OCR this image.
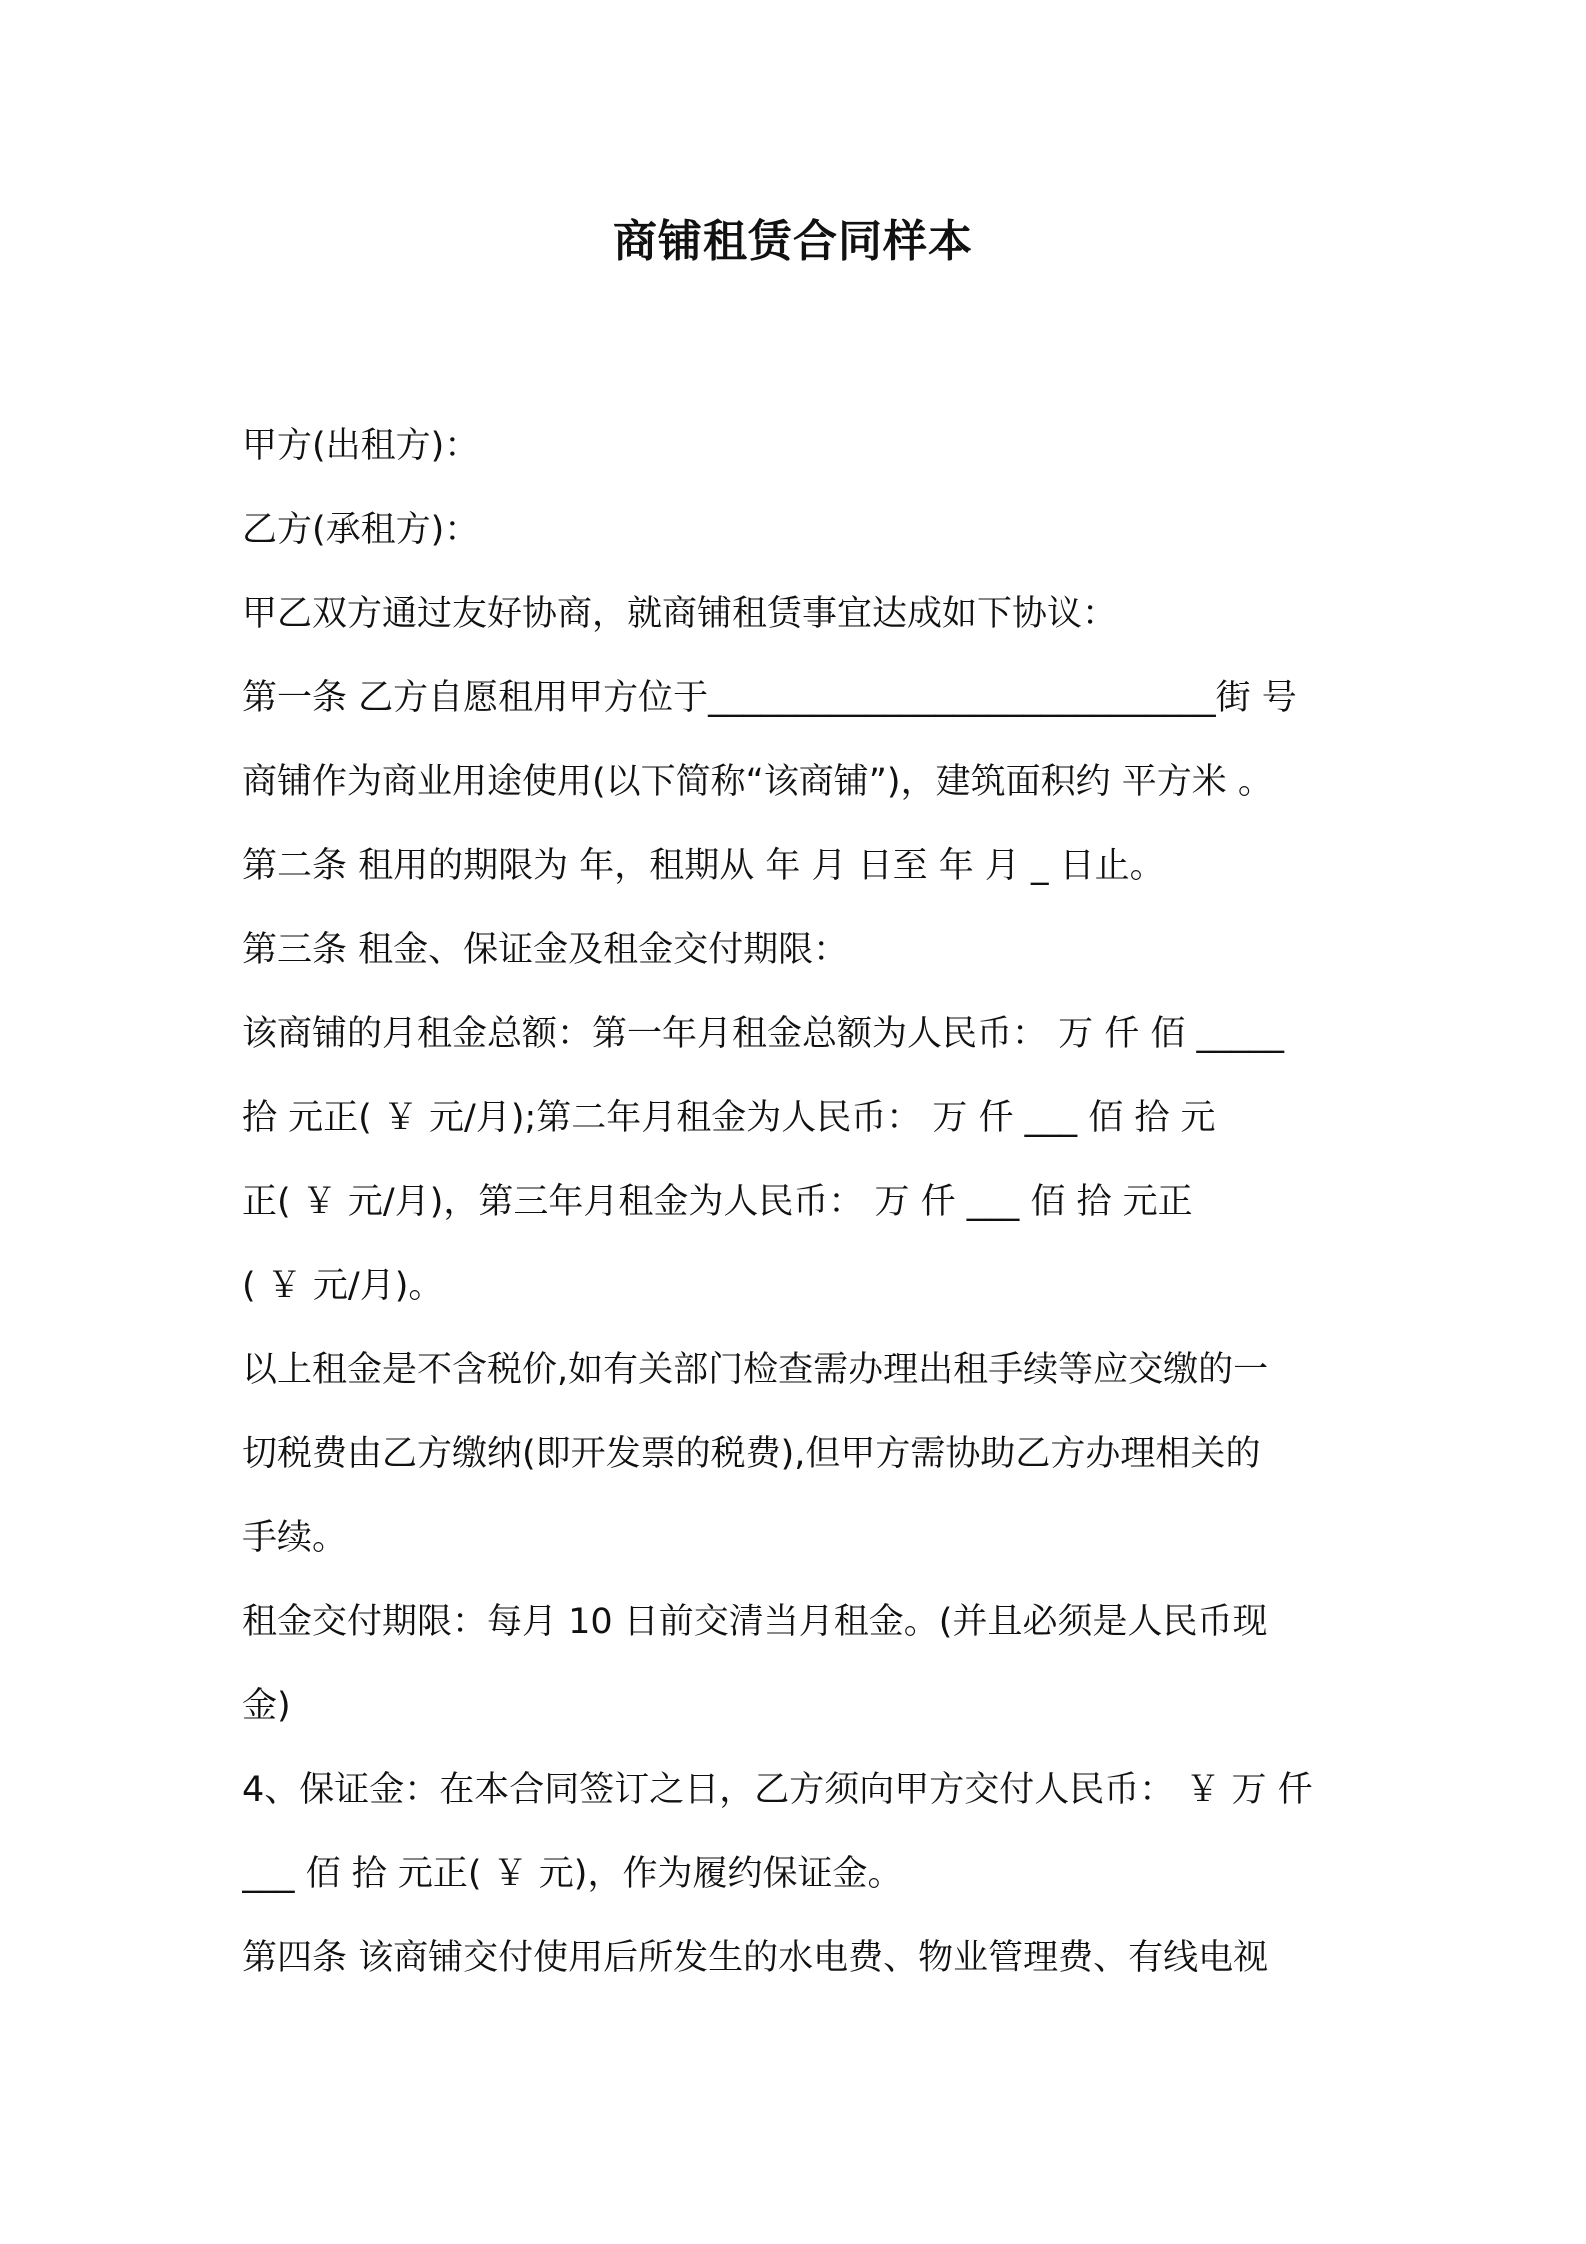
商铺租赁合同样本
甲方(出租方)：
乙方(承租方)：
甲乙双方通过友好协商，就商铺租赁事宜达成如下协议：
第一条 乙方自愿租用甲方位于_____________________________街 号
商铺作为商业用途使用(以下简称“该商铺”)，建筑面积约 平方米 。
第二条 租用的期限为 年，租期从 年 月 日至 年 月 _ 日止。
第三条 租金、保证金及租金交付期限：
该商铺的月租金总额：第一年月租金总额为人民币： 万 仟 佰 _____
拾 元正( ￥ 元/月);第二年月租金为人民币： 万 仟 ___ 佰 拾 元
正( ￥ 元/月)，第三年月租金为人民币： 万 仟 ___ 佰 拾 元正
( ￥ 元/月)。
以上租金是不含税价,如有关部门检查需办理出租手续等应交缴的一
切税费由乙方缴纳(即开发票的税费),但甲方需协助乙方办理相关的
手续。
租金交付期限：每月 10 日前交清当月租金。(并且必须是人民币现
金)
4、保证金：在本合同签订之日，乙方须向甲方交付人民币： ￥ 万 仟
___ 佰 拾 元正( ￥ 元)，作为履约保证金。
第四条 该商铺交付使用后所发生的水电费、物业管理费、有线电视
